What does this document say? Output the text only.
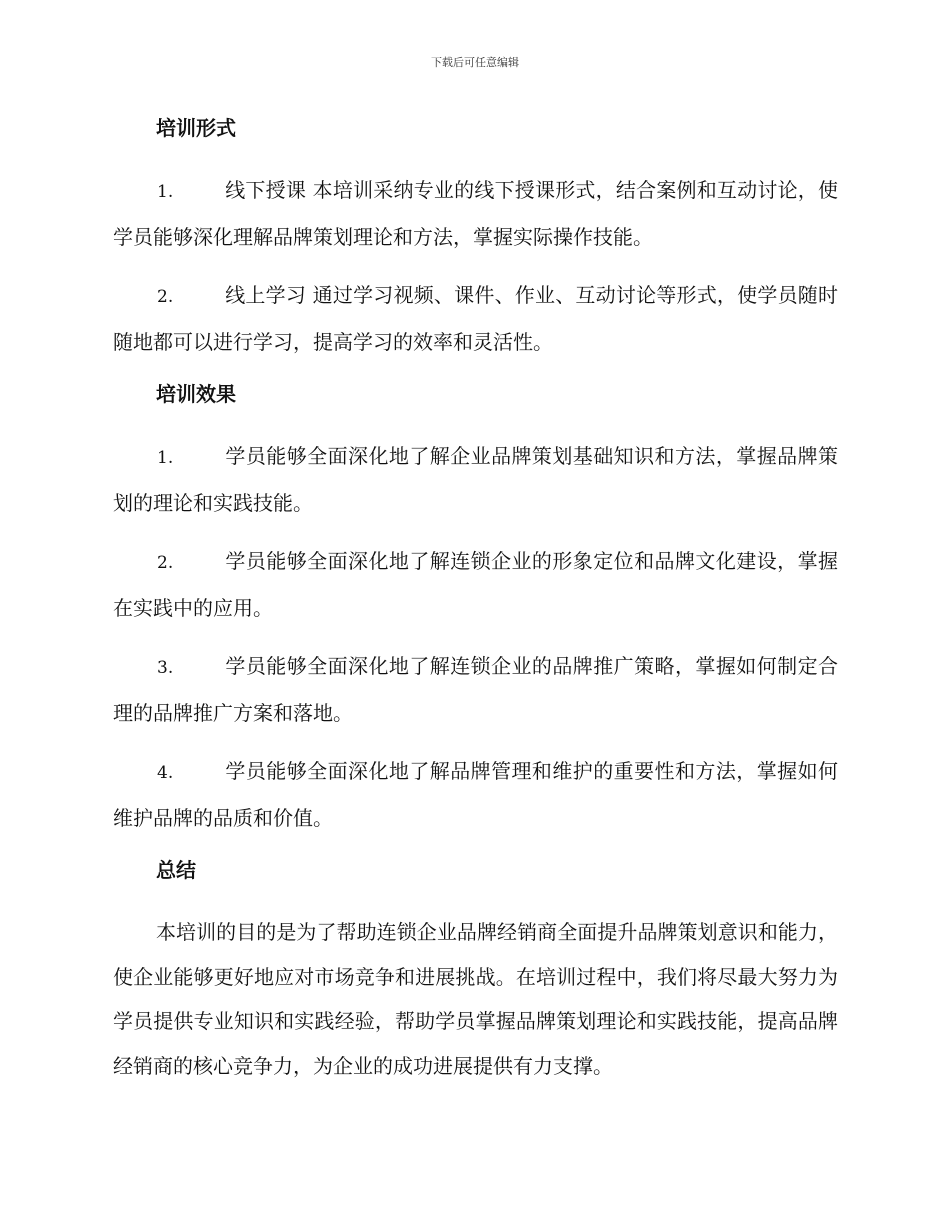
下载后可任意编辑
培训形式

1.	线下授课 本培训采纳专业的线下授课形式，结合案例和互动讨论，使学员能够深化理解品牌策划理论和方法，掌握实际操作技能。

2.	线上学习 通过学习视频、课件、作业、互动讨论等形式，使学员随时随地都可以进行学习，提高学习的效率和灵活性。

培训效果

1.	学员能够全面深化地了解企业品牌策划基础知识和方法，掌握品牌策划的理论和实践技能。

2.	学员能够全面深化地了解连锁企业的形象定位和品牌文化建设，掌握在实践中的应用。

3.	学员能够全面深化地了解连锁企业的品牌推广策略，掌握如何制定合理的品牌推广方案和落地。

4.	学员能够全面深化地了解品牌管理和维护的重要性和方法，掌握如何维护品牌的品质和价值。

总结

本培训的目的是为了帮助连锁企业品牌经销商全面提升品牌策划意识和能力，使企业能够更好地应对市场竞争和进展挑战。在培训过程中，我们将尽最大努力为学员提供专业知识和实践经验，帮助学员掌握品牌策划理论和实践技能，提高品牌经销商的核心竞争力，为企业的成功进展提供有力支撑。
